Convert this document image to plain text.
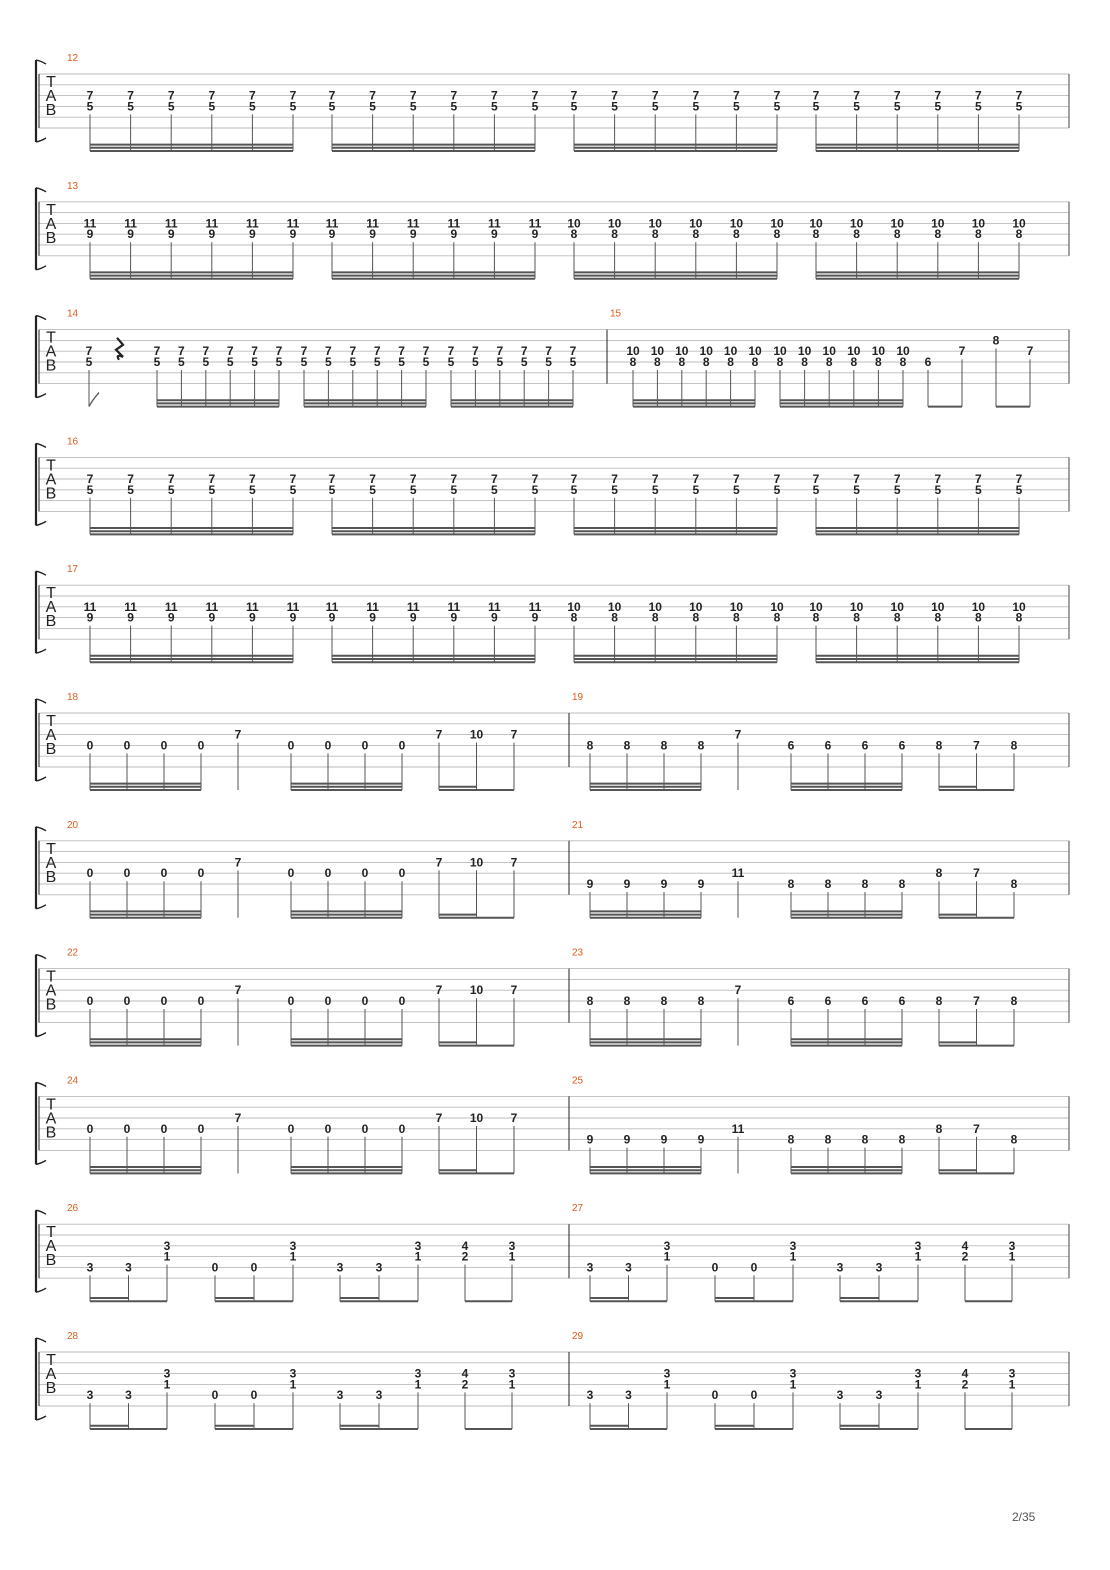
T
A
B
12
7
5
7
5
7
5
7
5
7
5
7
5
7
5
7
5
7
5
7
5
7
5
7
5
7
5
7
5
7
5
7
5
7
5
7
5
7
5
7
5
7
5
7
5
7
5
7
5
T
A
B
13
11
9
11
9
11
9
11
9
11
9
11
9
11
9
11
9
11
9
11
9
11
9
11
9
10
8
10
8
10
8
10
8
10
8
10
8
10
8
10
8
10
8
10
8
10
8
10
8
T
A
B
14
7
5
7
5
7
5
7
5
7
5
7
5
7
5
7
5
7
5
7
5
7
5
7
5
7
5
7
5
7
5
7
5
7
5
7
5
7
5
15
10
8
10
8
10
8
10
8
10
8
10
8
10
8
10
8
10
8
10
8
10
8
10
8 6
7
8
7
T
A
B
16
7
5
7
5
7
5
7
5
7
5
7
5
7
5
7
5
7
5
7
5
7
5
7
5
7
5
7
5
7
5
7
5
7
5
7
5
7
5
7
5
7
5
7
5
7
5
7
5
T
A
B
17
11
9
11
9
11
9
11
9
11
9
11
9
11
9
11
9
11
9
11
9
11
9
11
9
10
8
10
8
10
8
10
8
10
8
10
8
10
8
10
8
10
8
10
8
10
8
10
8
T
A
B
18
0	0	0	0
7
0	0	0	0
7 10 7
19
8	8	8	8
7
6	6	6	6	8	7	8
T
A
B
20
0	0	0	0
7
0	0	0	0
7 10 7
21
9	9	9	9
11
8	8	8	8
8	7
8
T
A
B
22
0	0	0	0
7
0	0	0	0
7 10 7
23
8	8	8	8
7
6	6	6	6	8	7	8
T
A
B
24
0	0	0	0
7
0	0	0	0
7 10 7
25
9	9	9	9
11
8	8	8	8
8	7
8
T
A
B
26
3	3
3
1
0	0
3
1
3	3
3
1
4
2
3
1
27
3	3
3
1
0	0
3
1
3	3
3
1
4
2
3
1
T
A
B
28
3	3
3
1
0	0
3
1
3	3
3
1
4
2
3
1
29
3	3
3
1
0	0
3
1
3	3
3
1
4
2
3
1
2/35
